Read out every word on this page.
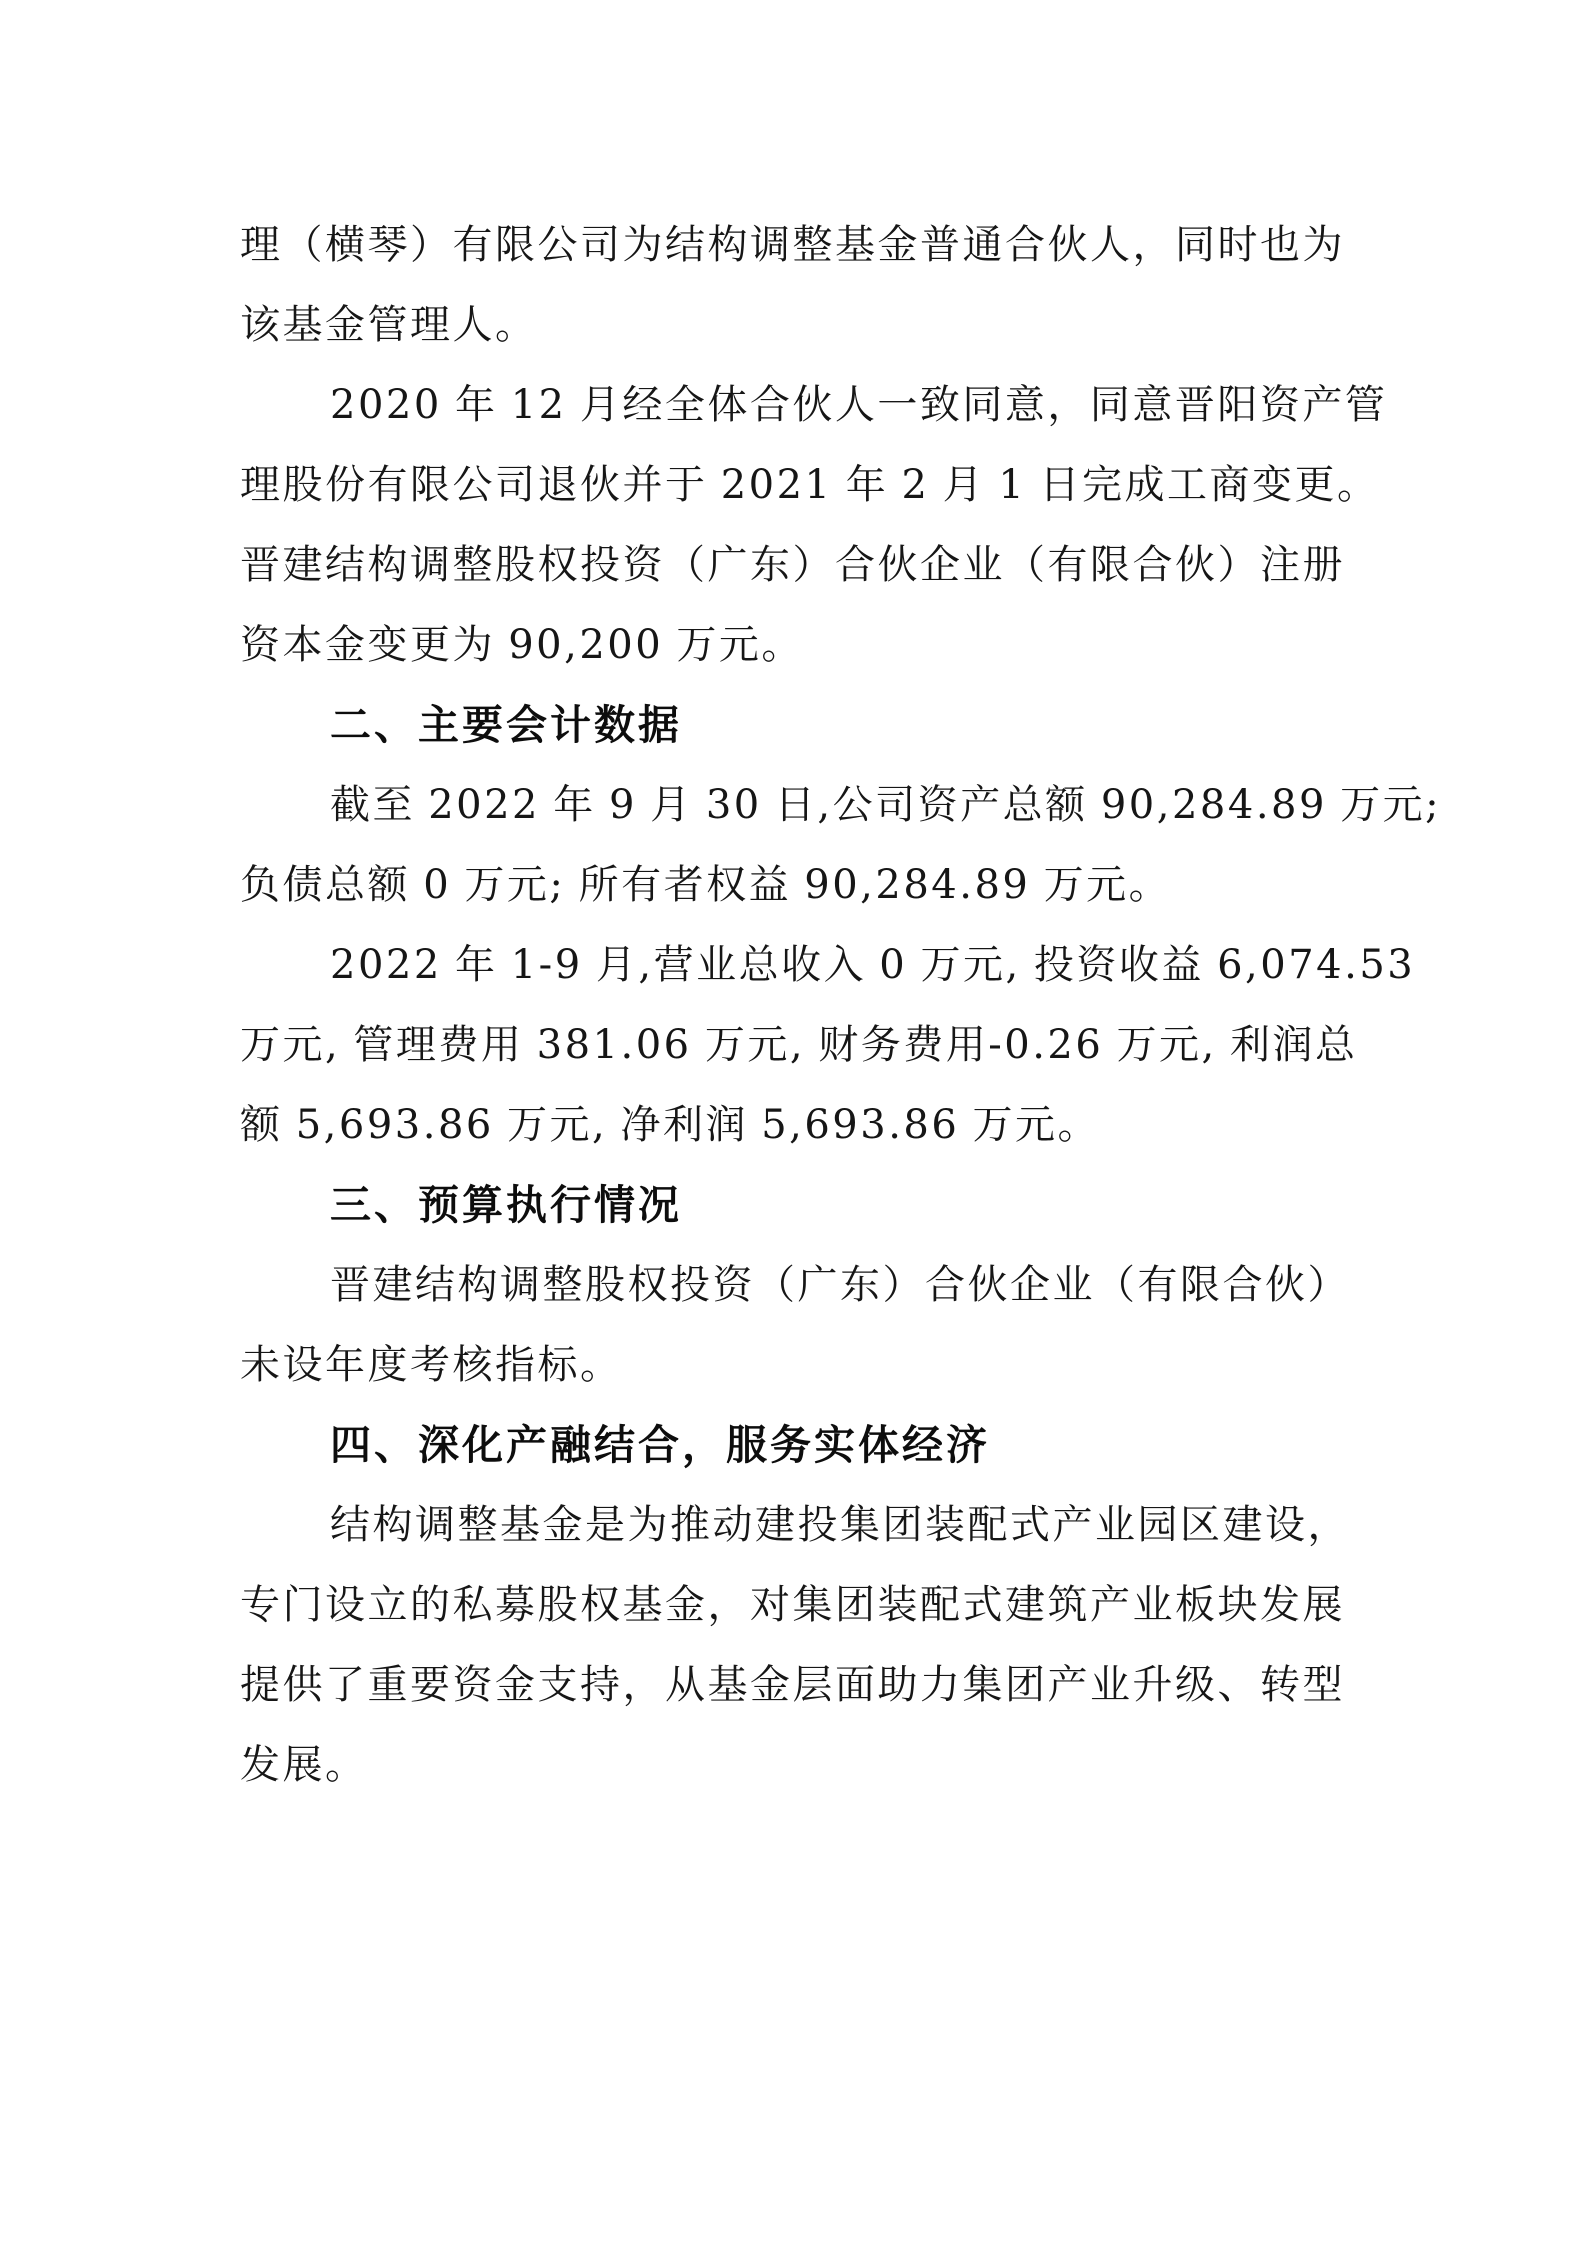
理（横琴）有限公司为结构调整基金普通合伙人，同时也为
该基金管理人。
2020 年 12 月经全体合伙人一致同意，同意晋阳资产管
理股份有限公司退伙并于 2021 年 2 月 1 日完成工商变更。
晋建结构调整股权投资（广东）合伙企业（有限合伙）注册
资本金变更为 90,200 万元。
二、主要会计数据
截至 2022 年 9 月 30 日,公司资产总额 90,284.89 万元;
负债总额 0 万元; 所有者权益 90,284.89 万元。
2022 年 1-9 月,营业总收入 0 万元, 投资收益 6,074.53
万元, 管理费用 381.06 万元, 财务费用-0.26 万元, 利润总
额 5,693.86 万元, 净利润 5,693.86 万元。
三、预算执行情况
晋建结构调整股权投资（广东）合伙企业（有限合伙）
未设年度考核指标。
四、深化产融结合，服务实体经济
结构调整基金是为推动建投集团装配式产业园区建设，
专门设立的私募股权基金，对集团装配式建筑产业板块发展
提供了重要资金支持，从基金层面助力集团产业升级、转型
发展。
